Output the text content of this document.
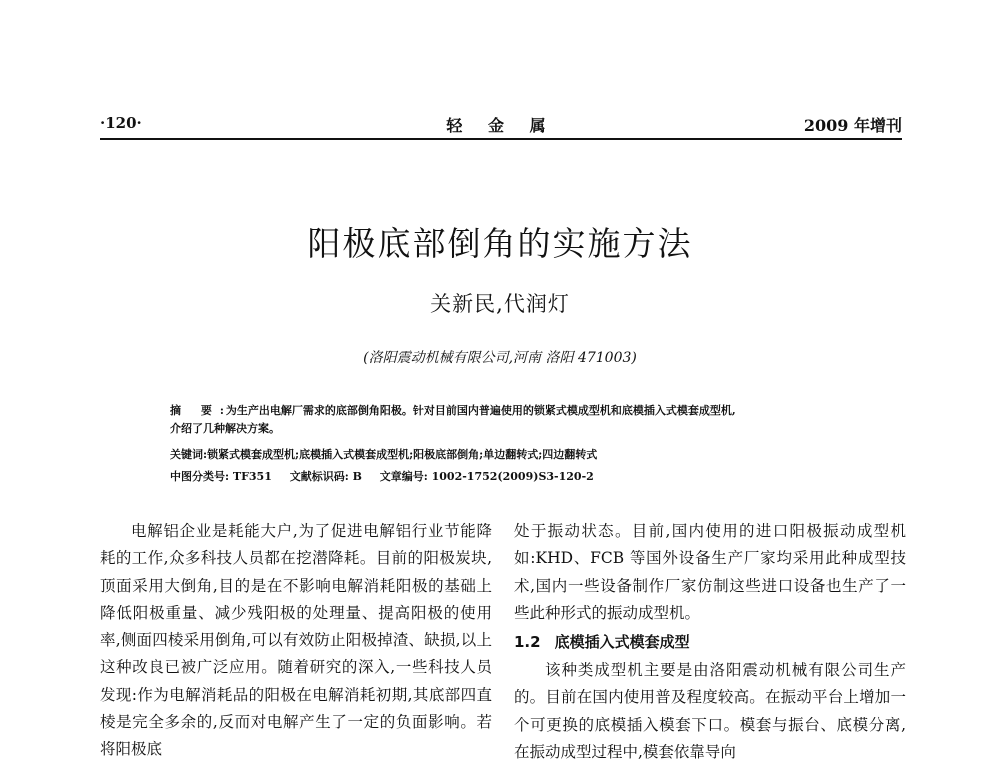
·120·	轻 金 属	2009 年增刊
阳极底部倒角的实施方法
关新民,代润灯
(洛阳震动机械有限公司,河南 洛阳 471003)
摘 要:为生产出电解厂需求的底部倒角阳极。针对目前国内普遍使用的锁紧式模成型机和底模插入式模套成型机,
介绍了几种解决方案。
关键词:锁紧式模套成型机;底模插入式模套成型机;阳极底部倒角;单边翻转式;四边翻转式
中图分类号: TF351 文献标识码: B 文章编号: 1002-1752(2009)S3-120-2

电解铝企业是耗能大户,为了促进电解铝行业节能降耗的工作,众多科技人员都在挖潜降耗。目前的阳极炭块,顶面采用大倒角,目的是在不影响电解消耗阳极的基础上降低阳极重量、减少残阳极的处理量、提高阳极的使用率,侧面四棱采用倒角,可以有效防止阳极掉渣、缺损,以上这种改良已被广泛应用。随着研究的深入,一些科技人员发现:作为电解消耗品的阳极在电解消耗初期,其底部四直棱是完全多余的,反而对电解产生了一定的负面影响。若将阳极底

处于振动状态。目前,国内使用的进口阳极振动成型机如:KHD、FCB 等国外设备生产厂家均采用此种成型技术,国内一些设备制作厂家仿制这些进口设备也生产了一些此种形式的振动成型机。

1.2 底模插入式模套成型

该种类成型机主要是由洛阳震动机械有限公司生产的。目前在国内使用普及程度较高。在振动平台上增加一个可更换的底模插入模套下口。模套与振台、底模分离,在振动成型过程中,模套依靠导向
